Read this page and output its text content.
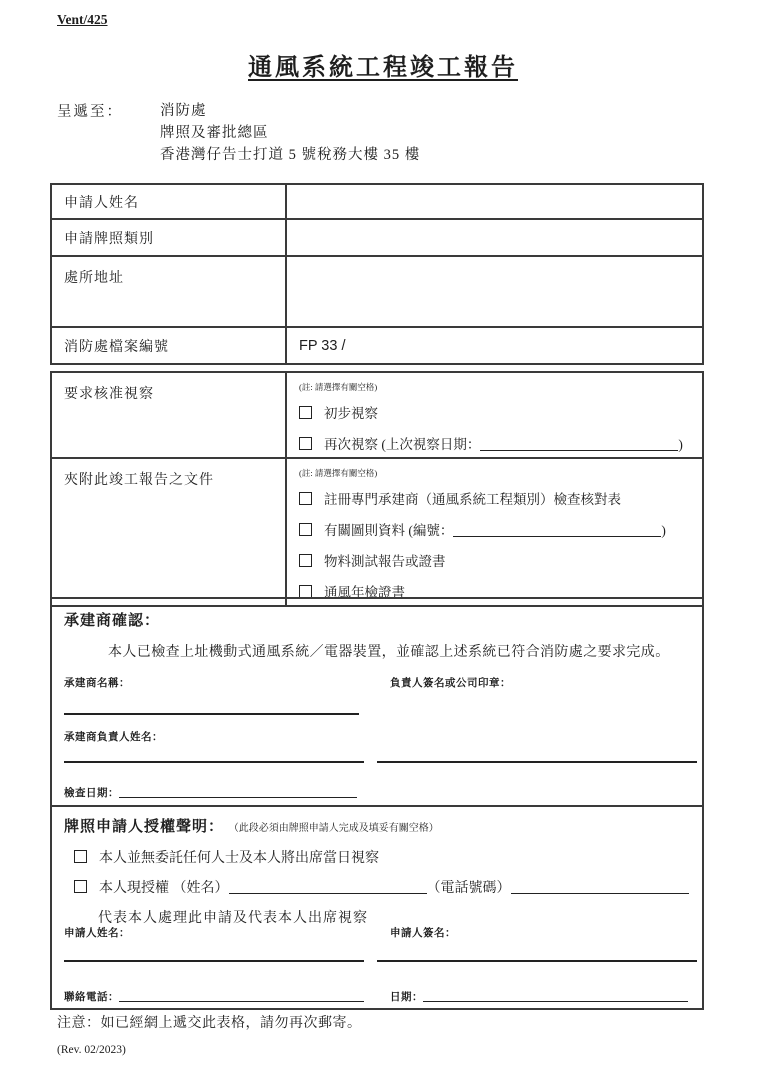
Vent/425
通風系統工程竣工報告
呈遞至：	消防處
牌照及審批總區
香港灣仔告士打道 5 號稅務大樓 35 樓
申請人姓名	
申請牌照類別	
處所地址	
消防處檔案編號	FP 33 /
要求核准視察	(註: 請選擇有關空格)
初步視察
再次視察 (上次視察日期： )

夾附此竣工報告之文件	(註: 請選擇有關空格)
註冊專門承建商（通風系統工程類別）檢查核對表
有關圖則資料 (編號： )
物料測試報告或證書
通風年檢證書
承建商確認：
本人已檢查上址機動式通風系統／電器裝置，並確認上述系統已符合消防處之要求完成。
承建商名稱：	負責人簽名或公司印章：
承建商負責人姓名：
檢查日期：
牌照申請人授權聲明： （此段必須由牌照申請人完成及填妥有關空格）
本人並無委託任何人士及本人將出席當日視察
本人現授權 （姓名）	（電話號碼）
代表本人處理此申請及代表本人出席視察
申請人姓名：	申請人簽名：
聯絡電話：	日期：
注意：如已經網上遞交此表格，請勿再次郵寄。
(Rev. 02/2023)
